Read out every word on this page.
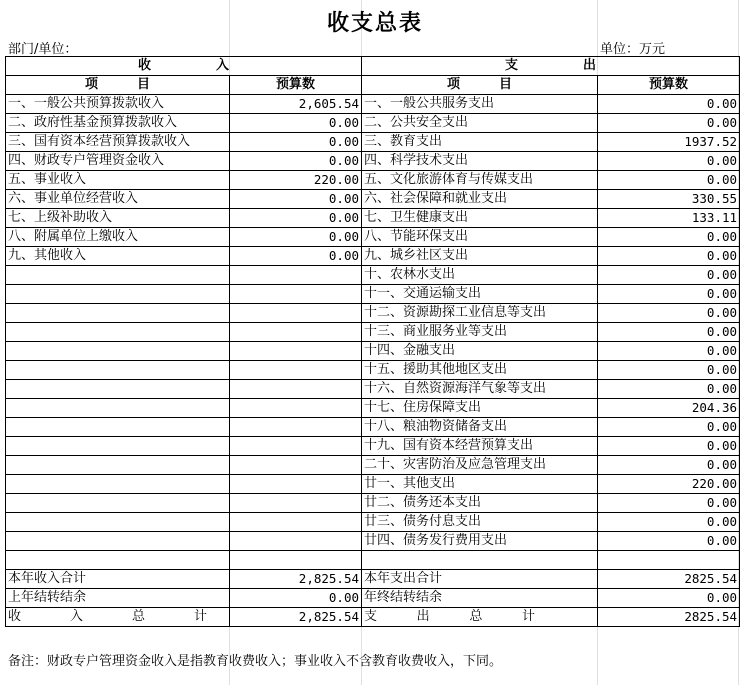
收支总表
部门/单位：	单位：万元
收　　　　　入		支　　　　　出	
项　　　目	预算数	项　　　目	预算数
一、一般公共预算拨款收入	2,605.54	一、一般公共服务支出	0.00
二、政府性基金预算拨款收入	0.00	二、公共安全支出	0.00
三、国有资本经营预算拨款收入	0.00	三、教育支出	1937.52
四、财政专户管理资金收入	0.00	四、科学技术支出	0.00
五、事业收入	220.00	五、文化旅游体育与传媒支出	0.00
六、事业单位经营收入	0.00	六、社会保障和就业支出	330.55
七、上级补助收入	0.00	七、卫生健康支出	133.11
八、附属单位上缴收入	0.00	八、节能环保支出	0.00
九、其他收入	0.00	九、城乡社区支出	0.00
		十、农林水支出	0.00
		十一、交通运输支出	0.00
		十二、资源勘探工业信息等支出	0.00
		十三、商业服务业等支出	0.00
		十四、金融支出	0.00
		十五、援助其他地区支出	0.00
		十六、自然资源海洋气象等支出	0.00
		十七、住房保障支出	204.36
		十八、粮油物资储备支出	0.00
		十九、国有资本经营预算支出	0.00
		二十、灾害防治及应急管理支出	0.00
		廿一、其他支出	220.00
		廿二、债务还本支出	0.00
		廿三、债务付息支出	0.00
		廿四、债务发行费用支出	0.00

本年收入合计	2,825.54	本年支出合计	2825.54
上年结转结余	0.00	年终结转结余	0.00

收 入 总 计	2,825.54	支 出 总 计	2825.54
备注：财政专户管理资金收入是指教育收费收入；事业收入不含教育收费收入，下同。
